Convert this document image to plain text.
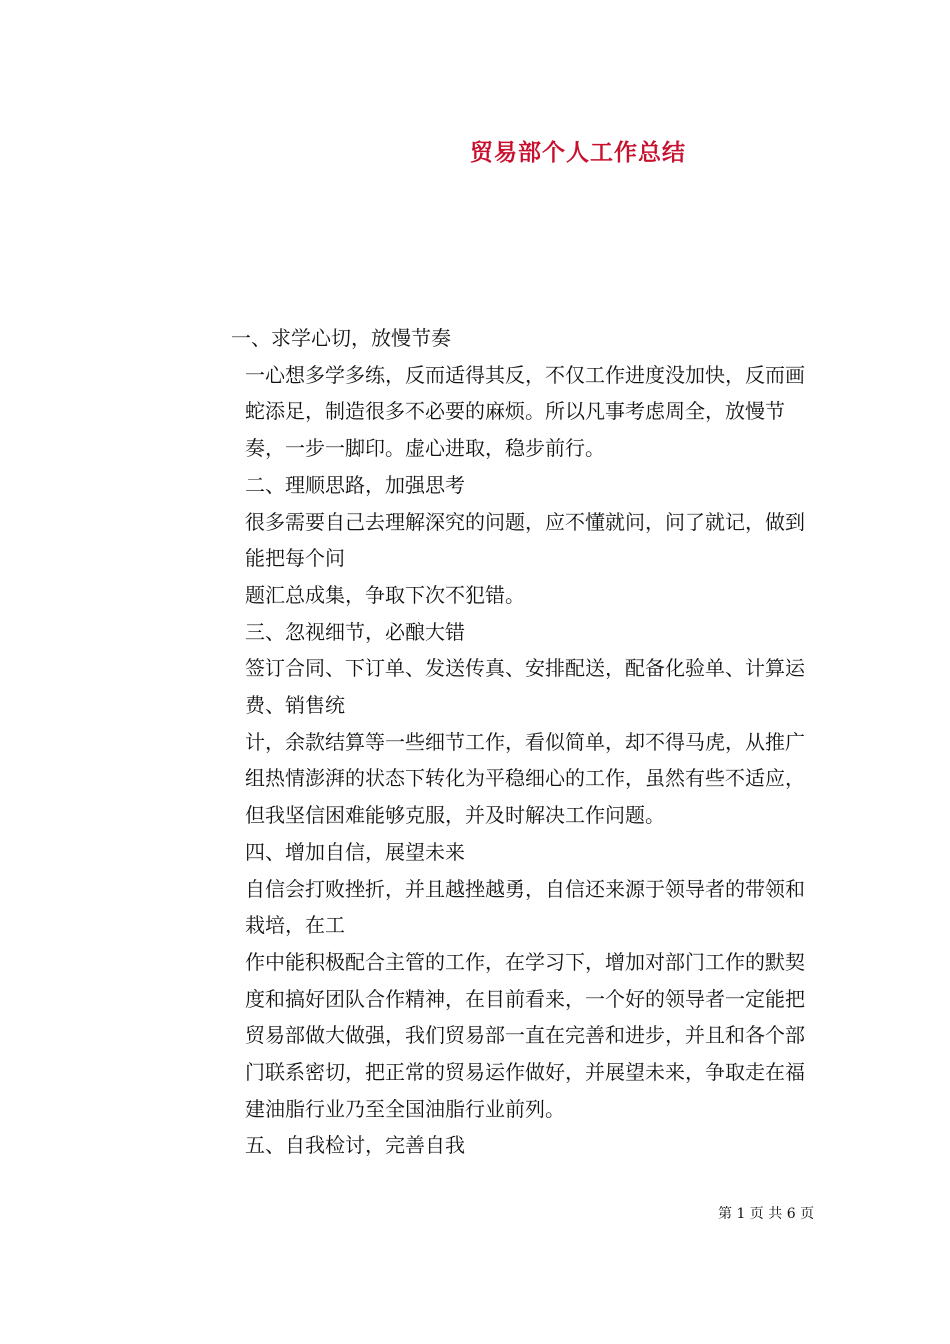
贸易部个人工作总结

一、求学心切，放慢节奏

一心想多学多练，反而适得其反，不仅工作进度没加快，反而画蛇添足，制造很多不必要的麻烦。所以凡事考虑周全，放慢节奏，一步一脚印。虚心进取，稳步前行。

二、理顺思路，加强思考

很多需要自己去理解深究的问题，应不懂就问，问了就记，做到能把每个问

题汇总成集，争取下次不犯错。

三、忽视细节，必酿大错

签订合同、下订单、发送传真、安排配送，配备化验单、计算运费、销售统

计，余款结算等一些细节工作，看似简单，却不得马虎，从推广组热情澎湃的状态下转化为平稳细心的工作，虽然有些不适应，但我坚信困难能够克服，并及时解决工作问题。

四、增加自信，展望未来

自信会打败挫折，并且越挫越勇，自信还来源于领导者的带领和栽培，在工

作中能积极配合主管的工作，在学习下，增加对部门工作的默契度和搞好团队合作精神，在目前看来，一个好的领导者一定能把贸易部做大做强，我们贸易部一直在完善和进步，并且和各个部门联系密切，把正常的贸易运作做好，并展望未来，争取走在福建油脂行业乃至全国油脂行业前列。

五、自我检讨，完善自我

第 1 页 共 6 页
